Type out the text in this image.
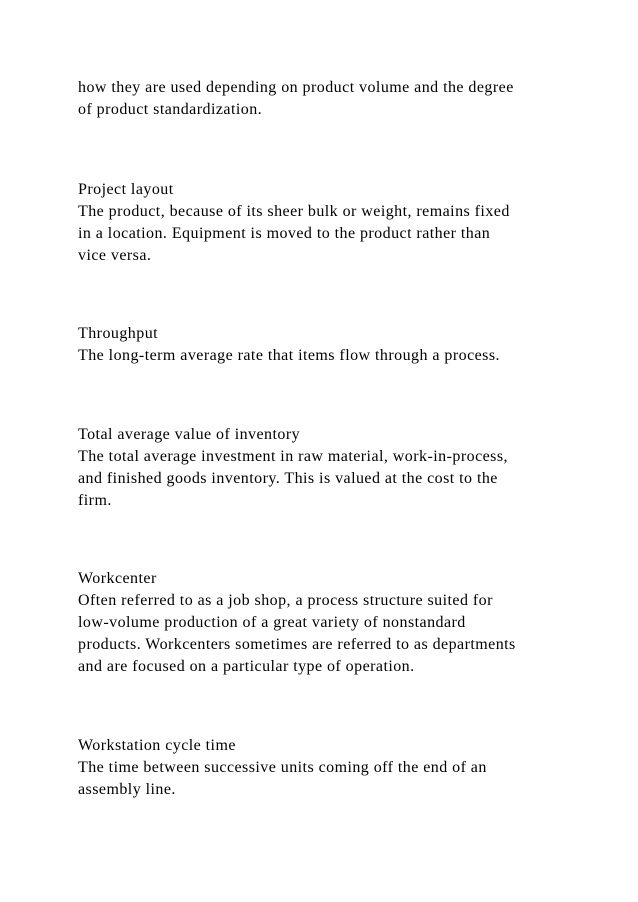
how they are used depending on product volume and the degree
of product standardization.
Project layout
The product, because of its sheer bulk or weight, remains fixed
in a location. Equipment is moved to the product rather than
vice versa.
Throughput
The long-term average rate that items flow through a process.
Total average value of inventory
The total average investment in raw material, work-in-process,
and finished goods inventory. This is valued at the cost to the
firm.
Workcenter
Often referred to as a job shop, a process structure suited for
low-volume production of a great variety of nonstandard
products. Workcenters sometimes are referred to as departments
and are focused on a particular type of operation.
Workstation cycle time
The time between successive units coming off the end of an
assembly line.
